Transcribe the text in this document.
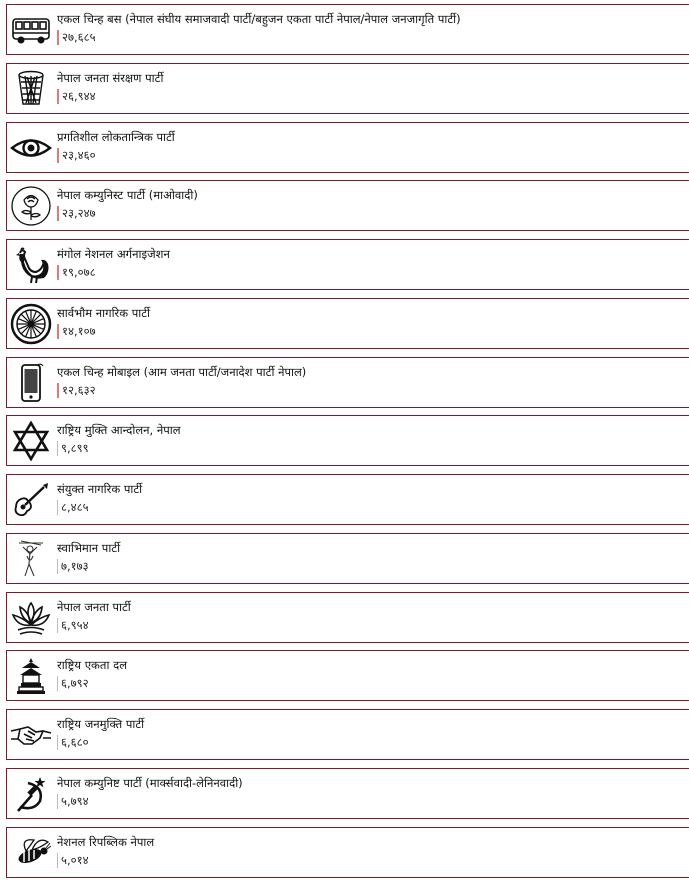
एकल चिन्ह बस (नेपाल संघीय समाजवादी पार्टी/बहुजन एकता पार्टी नेपाल/नेपाल जनजागृति पार्टी)
२७,६८५
नेपाल जनता संरक्षण पार्टी
२६,९४४
प्रगतिशील लोकतान्त्रिक पार्टी
२३,४६०
नेपाल कम्युनिस्ट पार्टी (माओवादी)
२३,२४७
मंगोल नेशनल अर्गनाइजेशन
१९,०७८
सार्वभौम नागरिक पार्टी
१४,१०७
एकल चिन्ह मोबाइल (आम जनता पार्टी/जनादेश पार्टी नेपाल)
१२,६३२
राष्ट्रिय मुक्ति आन्दोलन, नेपाल
९,८९९
संयुक्त नागरिक पार्टी
८,४८५
स्वाभिमान पार्टी
७,१७३
नेपाल जनता पार्टी
६,९५४
राष्ट्रिय एकता दल
६,७९२
राष्ट्रिय जनमुक्ति पार्टी
६,६८०
नेपाल कम्युनिष्ट पार्टी (मार्क्सवादी-लेनिनवादी)
५,७९४
नेशनल रिपब्लिक नेपाल
५,०१४
